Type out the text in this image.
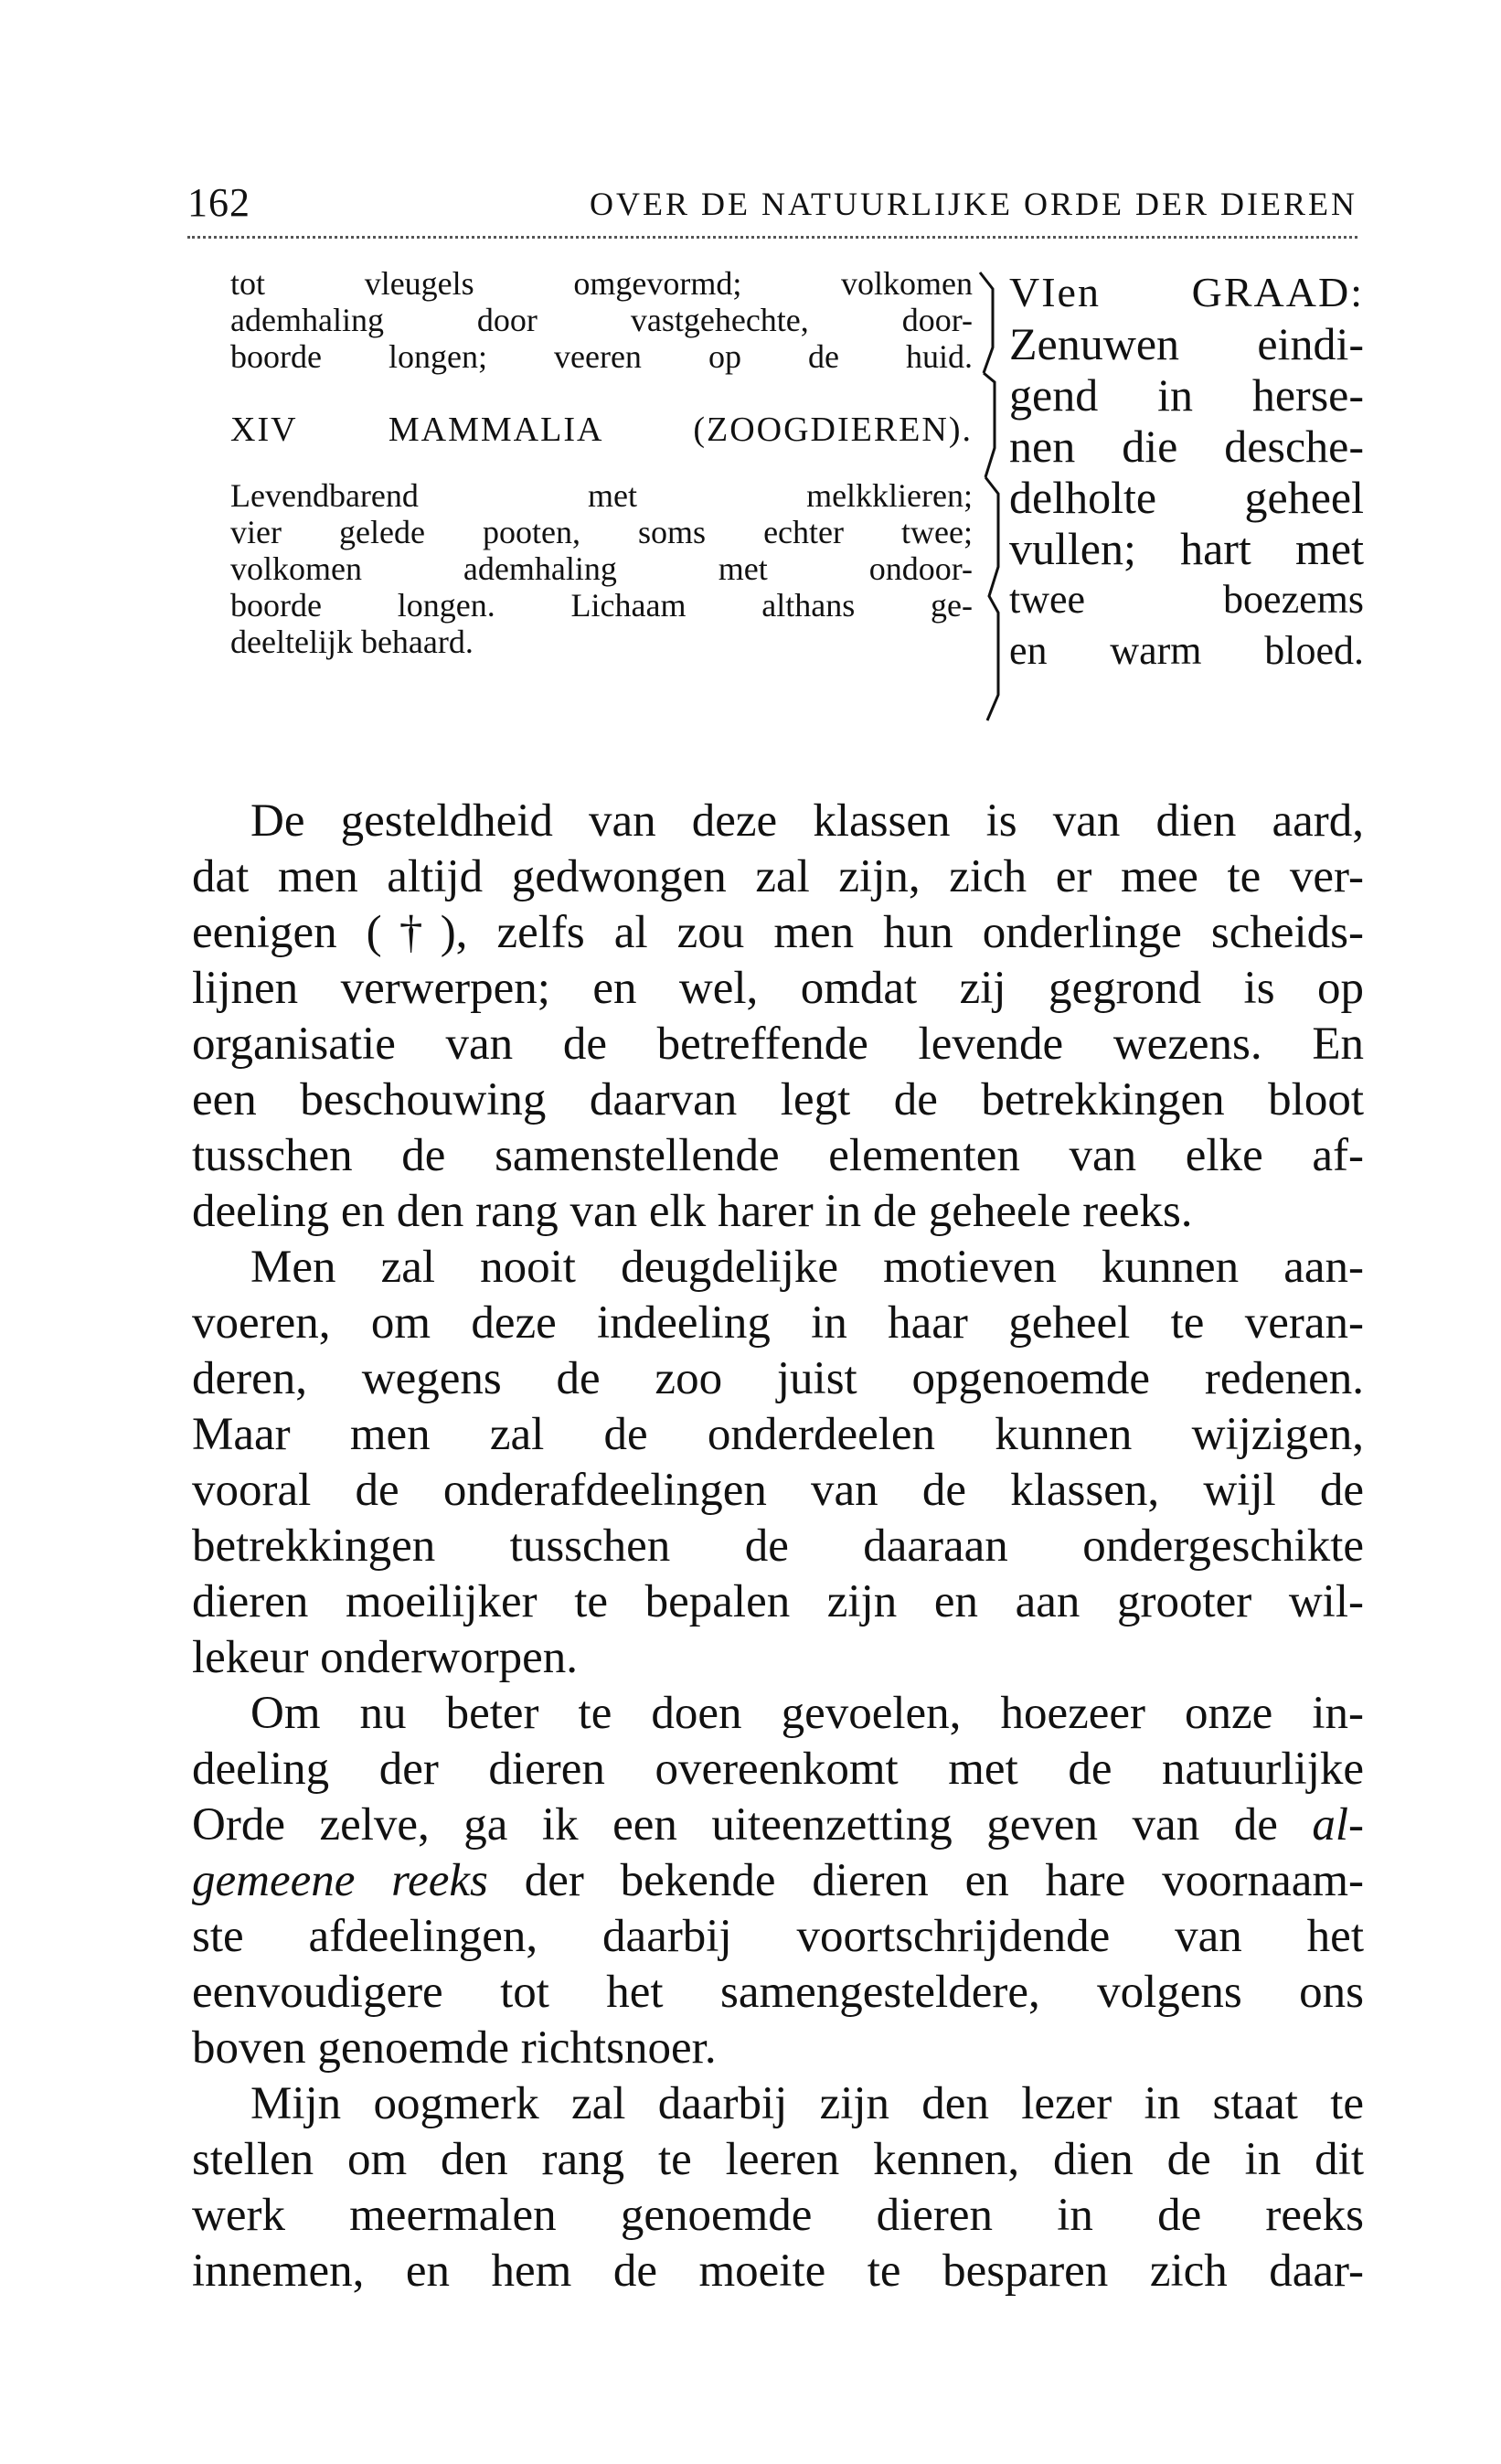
162	OVER DE NATUURLIJKE ORDE DER DIEREN

tot vleugels omgevormd; volkomen

ademhaling door vastgehechte, door-

boorde longen; veeren op de huid.

XIV MAMMALIA (ZOOGDIEREN).

Levendbarend met melkklieren;

vier gelede pooten, soms echter twee;

volkomen ademhaling met ondoor-

boorde longen. Lichaam althans ge-

deeltelijk behaard.

VIen GRAAD:

Zenuwen eindi-

gend in herse-

nen die desche-

delholte geheel

vullen; hart met

twee boezems

en warm bloed.

De gesteldheid van deze klassen is van dien aard,
dat men altijd gedwongen zal zijn, zich er mee te ver-
eenigen (†), zelfs al zou men hun onderlinge scheids-
lijnen verwerpen; en wel, omdat zij gegrond is op
organisatie van de betreffende levende wezens. En
een beschouwing daarvan legt de betrekkingen bloot
tusschen de samenstellende elementen van elke af-
deeling en den rang van elk harer in de geheele reeks.

Men zal nooit deugdelijke motieven kunnen aan-
voeren, om deze indeeling in haar geheel te veran-
deren, wegens de zoo juist opgenoemde redenen.
Maar men zal de onderdeelen kunnen wijzigen,
vooral de onderafdeelingen van de klassen, wijl de
betrekkingen tusschen de daaraan ondergeschikte
dieren moeilijker te bepalen zijn en aan grooter wil-
lekeur onderworpen.

Om nu beter te doen gevoelen, hoezeer onze in-
deeling der dieren overeenkomt met de natuurlijke
Orde zelve, ga ik een uiteenzetting geven van de al-
gemeene reeks der bekende dieren en hare voornaam-
ste afdeelingen, daarbij voortschrijdende van het
eenvoudigere tot het samengesteldere, volgens ons
boven genoemde richtsnoer.

Mijn oogmerk zal daarbij zijn den lezer in staat te
stellen om den rang te leeren kennen, dien de in dit
werk meermalen genoemde dieren in de reeks
innemen, en hem de moeite te besparen zich daar-
